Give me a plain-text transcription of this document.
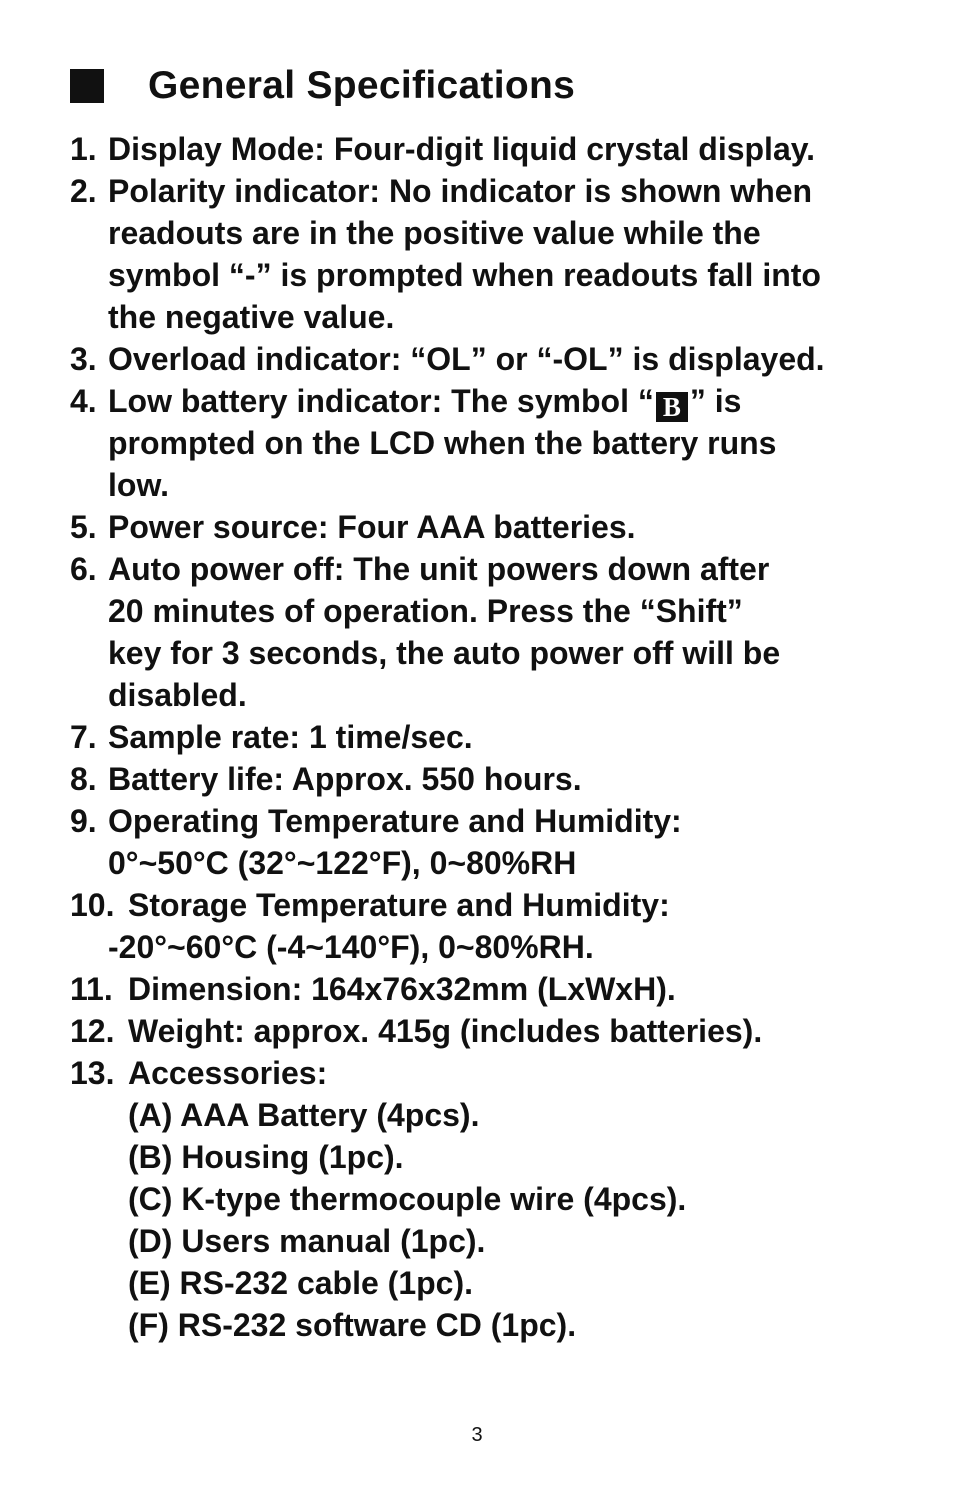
General Specifications
1. Display Mode: Four-digit liquid crystal display.
2. Polarity indicator: No indicator is shown when
readouts are in the positive value while the
symbol “-” is prompted when readouts fall into
the negative value.
3. Overload indicator: “OL” or “-OL” is displayed.
4. Low battery indicator: The symbol “ B ” is
prompted on the LCD when the battery runs
low.
5. Power source: Four AAA batteries.
6. Auto power off: The unit powers down after
20 minutes of operation. Press the “Shift”
key for 3 seconds, the auto power off will be
disabled.
7. Sample rate: 1 time/sec.
8. Battery life: Approx. 550 hours.
9. Operating Temperature and Humidity:
0°~50°C (32°~122°F), 0~80%RH
10. Storage Temperature and Humidity:
-20°~60°C (-4~140°F), 0~80%RH.
11. Dimension: 164x76x32mm (LxWxH).
12. Weight: approx. 415g (includes batteries).
13. Accessories:
(A) AAA Battery (4pcs).
(B) Housing (1pc).
(C) K-type thermocouple wire (4pcs).
(D) Users manual (1pc).
(E) RS-232 cable (1pc).
(F) RS-232 software CD (1pc).
3
